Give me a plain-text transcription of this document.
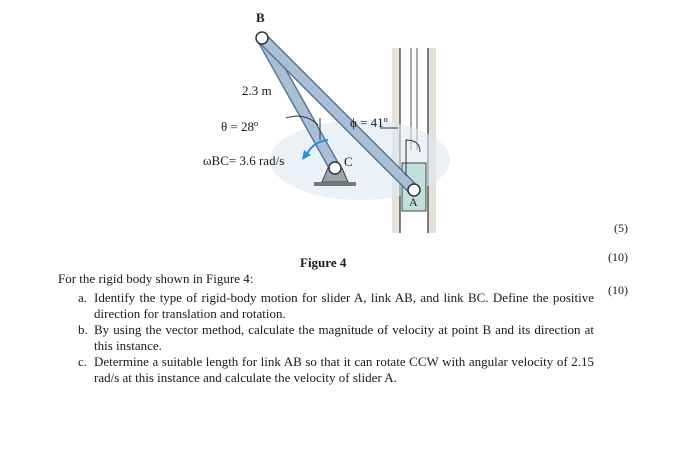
B
C
A
2.3 m
θ = 28º
ωBC= 3.6 rad/s
ϕ = 41º
Figure 4
(5)
(10)
(10)
For the rigid body shown in Figure 4:
a. Identify the type of rigid-body motion for slider A, link AB, and link BC. Define the positive direction for translation and rotation.
b. By using the vector method, calculate the magnitude of velocity at point B and its direction at this instance.
c. Determine a suitable length for link AB so that it can rotate CCW with angular velocity of 2.15 rad/s at this instance and calculate the velocity of slider A.
